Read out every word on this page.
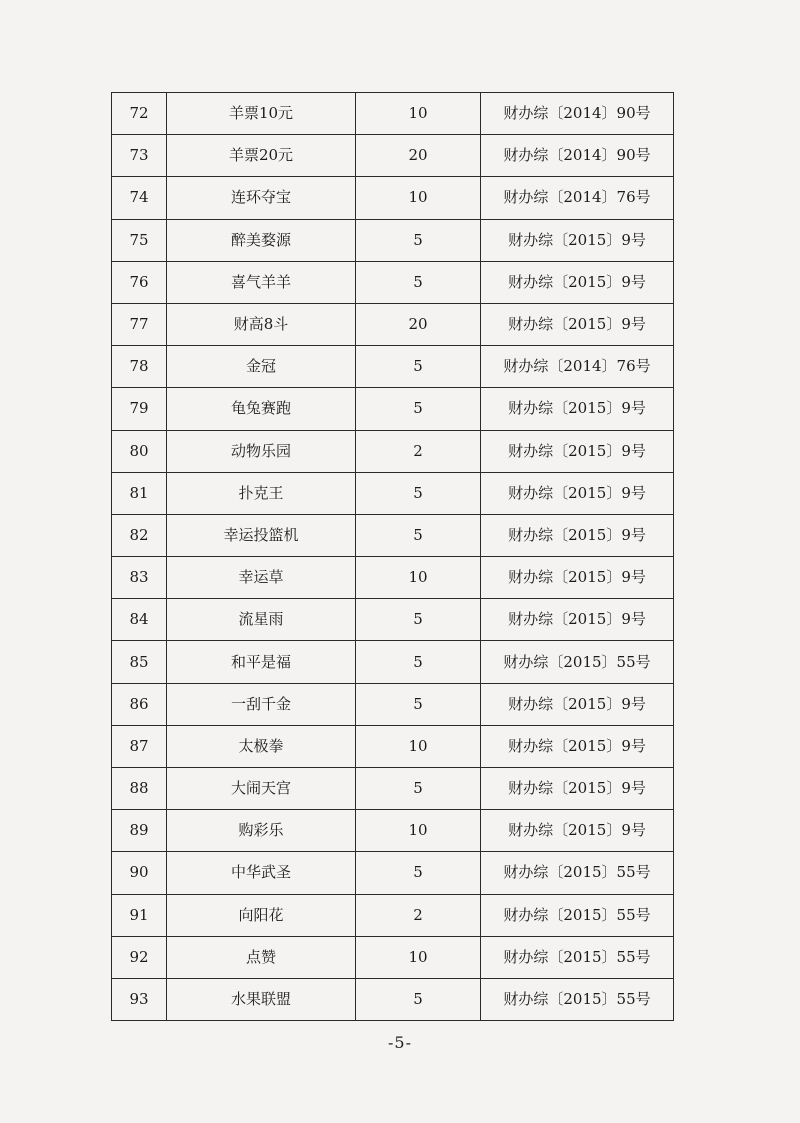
72	羊票10元	10	财办综〔2014〕90号
73	羊票20元	20	财办综〔2014〕90号
74	连环夺宝	10	财办综〔2014〕76号
75	醉美婺源	5	财办综〔2015〕9号
76	喜气羊羊	5	财办综〔2015〕9号
77	财高8斗	20	财办综〔2015〕9号
78	金冠	5	财办综〔2014〕76号
79	龟兔赛跑	5	财办综〔2015〕9号
80	动物乐园	2	财办综〔2015〕9号
81	扑克王	5	财办综〔2015〕9号
82	幸运投篮机	5	财办综〔2015〕9号
83	幸运草	10	财办综〔2015〕9号
84	流星雨	5	财办综〔2015〕9号
85	和平是福	5	财办综〔2015〕55号
86	一刮千金	5	财办综〔2015〕9号
87	太极拳	10	财办综〔2015〕9号
88	大闹天宫	5	财办综〔2015〕9号
89	购彩乐	10	财办综〔2015〕9号
90	中华武圣	5	财办综〔2015〕55号
91	向阳花	2	财办综〔2015〕55号
92	点赞	10	财办综〔2015〕55号
93	水果联盟	5	财办综〔2015〕55号
-5-
